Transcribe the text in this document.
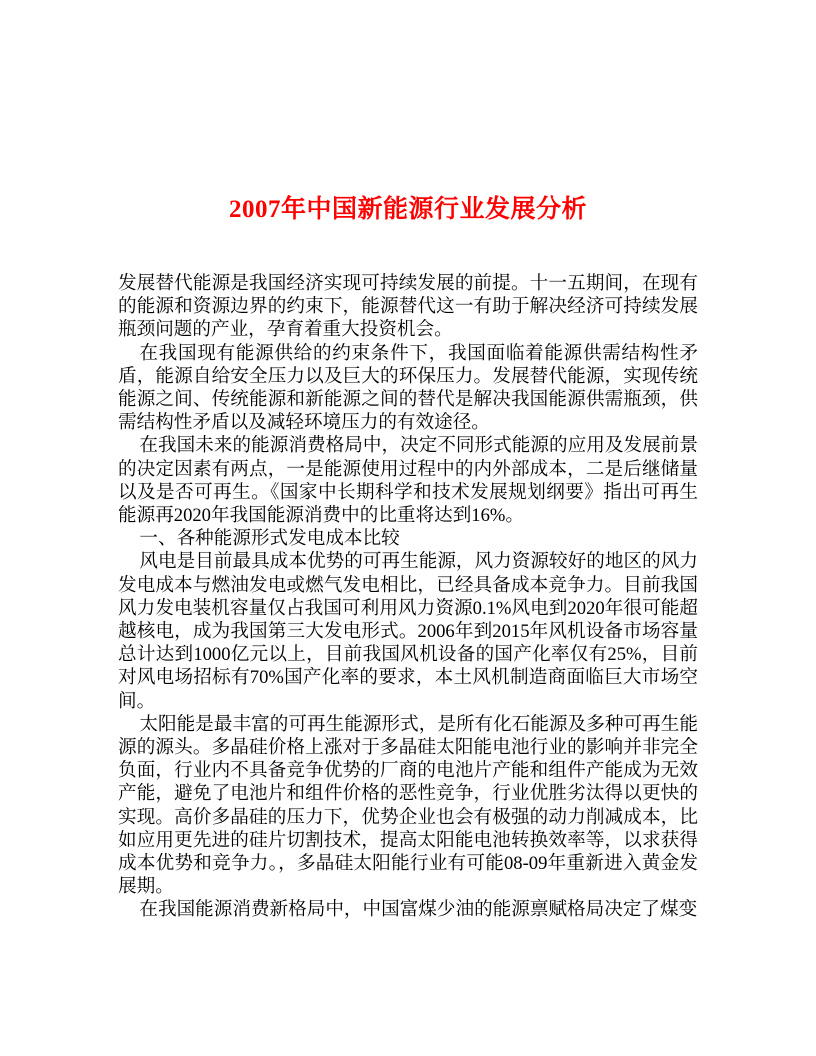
2007年中国新能源行业发展分析

发展替代能源是我国经济实现可持续发展的前提。十一五期间，在现有的能源和资源边界的约束下，能源替代这一有助于解决经济可持续发展瓶颈问题的产业，孕育着重大投资机会。

在我国现有能源供给的约束条件下，我国面临着能源供需结构性矛盾，能源自给安全压力以及巨大的环保压力。发展替代能源，实现传统能源之间、传统能源和新能源之间的替代是解决我国能源供需瓶颈，供需结构性矛盾以及减轻环境压力的有效途径。

在我国未来的能源消费格局中，决定不同形式能源的应用及发展前景的决定因素有两点，一是能源使用过程中的内外部成本，二是后继储量以及是否可再生。《国家中长期科学和技术发展规划纲要》指出可再生能源再2020年我国能源消费中的比重将达到16%。

一、各种能源形式发电成本比较

风电是目前最具成本优势的可再生能源，风力资源较好的地区的风力发电成本与燃油发电或燃气发电相比，已经具备成本竞争力。目前我国风力发电装机容量仅占我国可利用风力资源0.1%风电到2020年很可能超越核电，成为我国第三大发电形式。2006年到2015年风机设备市场容量总计达到1000亿元以上，目前我国风机设备的国产化率仅有25%，目前对风电场招标有70%国产化率的要求，本土风机制造商面临巨大市场空间。

太阳能是最丰富的可再生能源形式，是所有化石能源及多种可再生能源的源头。多晶硅价格上涨对于多晶硅太阳能电池行业的影响并非完全负面，行业内不具备竞争优势的厂商的电池片产能和组件产能成为无效产能，避免了电池片和组件价格的恶性竞争，行业优胜劣汰得以更快的实现。高价多晶硅的压力下，优势企业也会有极强的动力削减成本，比如应用更先进的硅片切割技术，提高太阳能电池转换效率等，以求获得成本优势和竞争力。，多晶硅太阳能行业有可能08-09年重新进入黄金发展期。

在我国能源消费新格局中，中国富煤少油的能源禀赋格局决定了煤变
